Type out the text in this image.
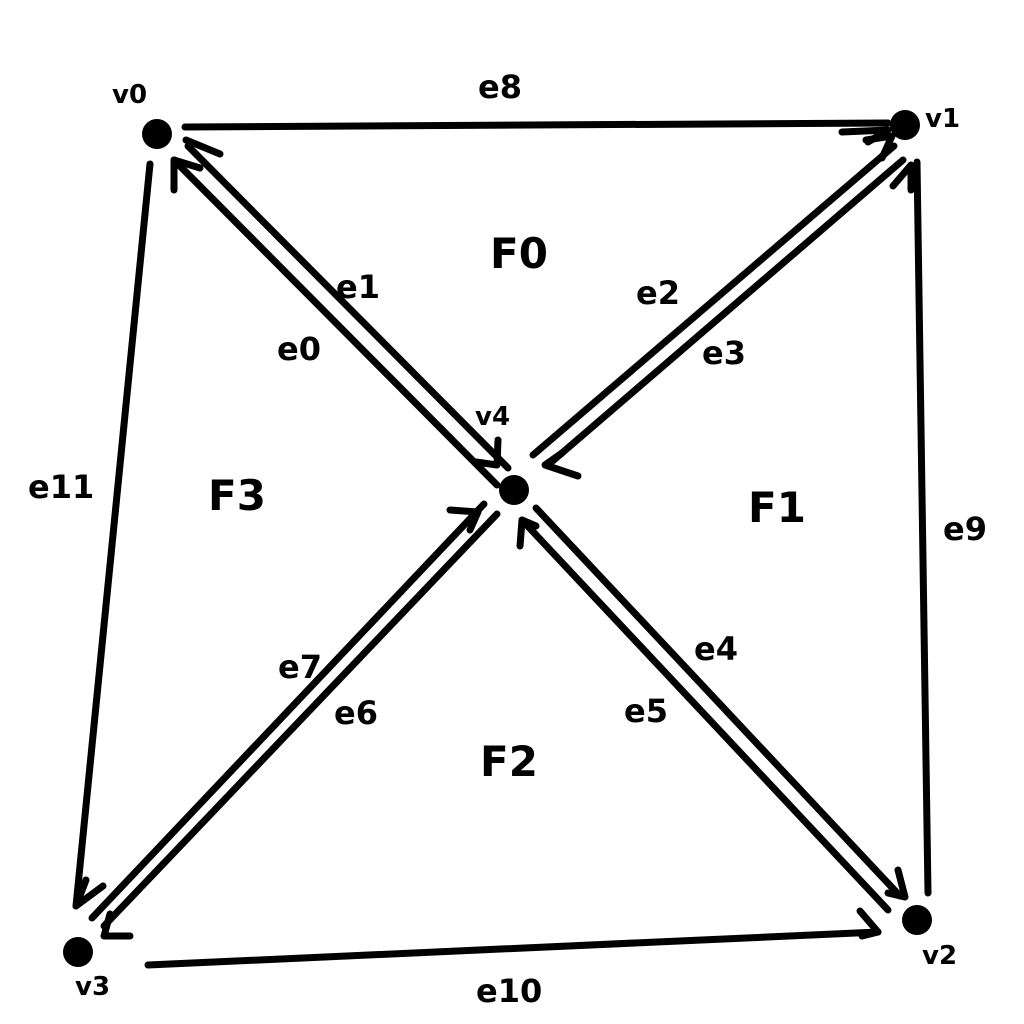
v0
v1
v2
v3
v4
e0
e1	e2
e3
e4
e5
e6
e7
e8
e9
e10
e11
F0
F1
F2
F3
